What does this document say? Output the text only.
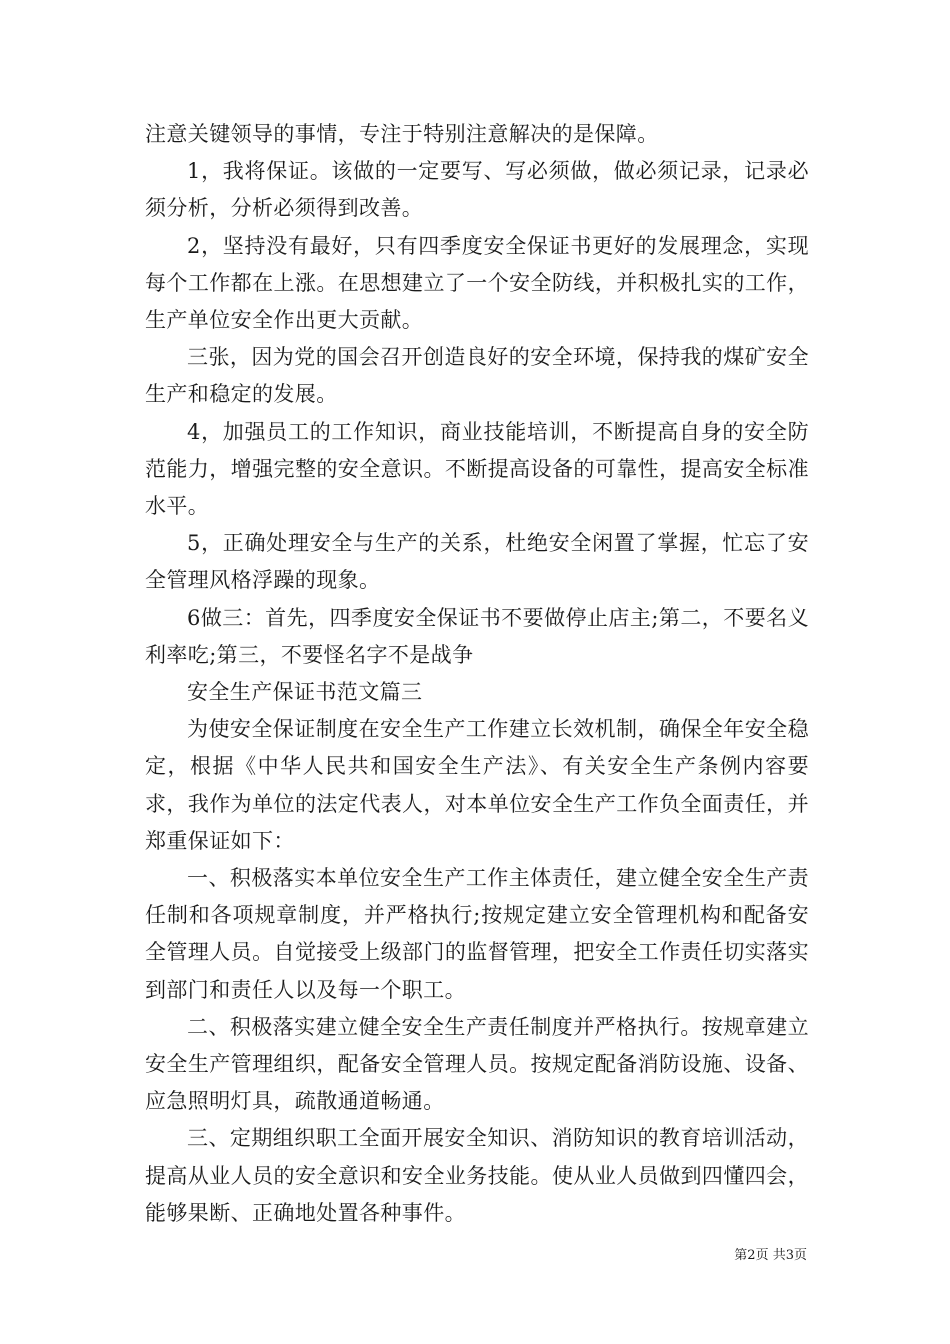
注意关键领导的事情，专注于特别注意解决的是保障。

1，我将保证。该做的一定要写、写必须做，做必须记录，记录必须分析，分析必须得到改善。

2，坚持没有最好，只有四季度安全保证书更好的发展理念，实现每个工作都在上涨。在思想建立了一个安全防线，并积极扎实的工作，生产单位安全作出更大贡献。

三张，因为党的国会召开创造良好的安全环境，保持我的煤矿安全生产和稳定的发展。

4，加强员工的工作知识，商业技能培训，不断提高自身的安全防范能力，增强完整的安全意识。不断提高设备的可靠性，提高安全标准水平。

5，正确处理安全与生产的关系，杜绝安全闲置了掌握，忙忘了安全管理风格浮躁的现象。

6做三：首先，四季度安全保证书不要做停止店主;第二，不要名义利率吃;第三，不要怪名字不是战争

安全生产保证书范文篇三

为使安全保证制度在安全生产工作建立长效机制，确保全年安全稳定，根据《中华人民共和国安全生产法》、有关安全生产条例内容要求，我作为单位的法定代表人，对本单位安全生产工作负全面责任，并郑重保证如下：

一、积极落实本单位安全生产工作主体责任，建立健全安全生产责任制和各项规章制度，并严格执行;按规定建立安全管理机构和配备安全管理人员。自觉接受上级部门的监督管理，把安全工作责任切实落实到部门和责任人以及每一个职工。

二、积极落实建立健全安全生产责任制度并严格执行。按规章建立安全生产管理组织，配备安全管理人员。按规定配备消防设施、设备、应急照明灯具，疏散通道畅通。

三、定期组织职工全面开展安全知识、消防知识的教育培训活动，提高从业人员的安全意识和安全业务技能。使从业人员做到四懂四会，能够果断、正确地处置各种事件。

第2页 共3页
